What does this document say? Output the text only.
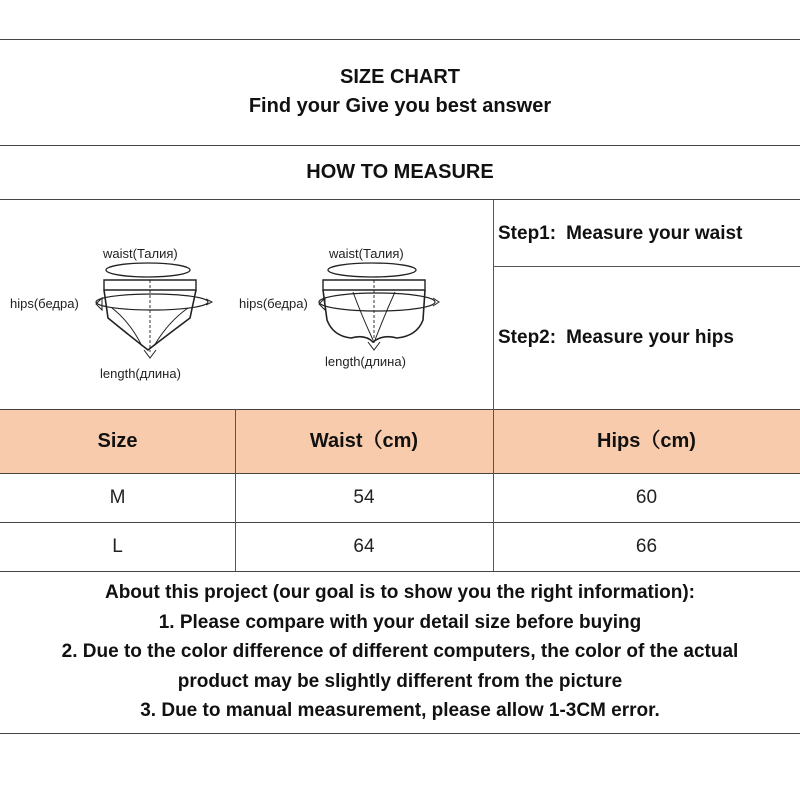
SIZE CHART
Find your Give you best answer
HOW TO MEASURE
waist(Талия)
hips(бедра)
length(длина)
waist(Талия)
hips(бедра)
length(длина)
Step1: Measure your waist
Step2: Measure your hips
Size	Waist（cm)	Hips（cm)
M	54	60
L	64	66
About this project (our goal is to show you the right information):
1. Please compare with your detail size before buying
2. Due to the color difference of different computers, the color of the actual
product may be slightly different from the picture
3. Due to manual measurement, please allow 1-3CM error.
